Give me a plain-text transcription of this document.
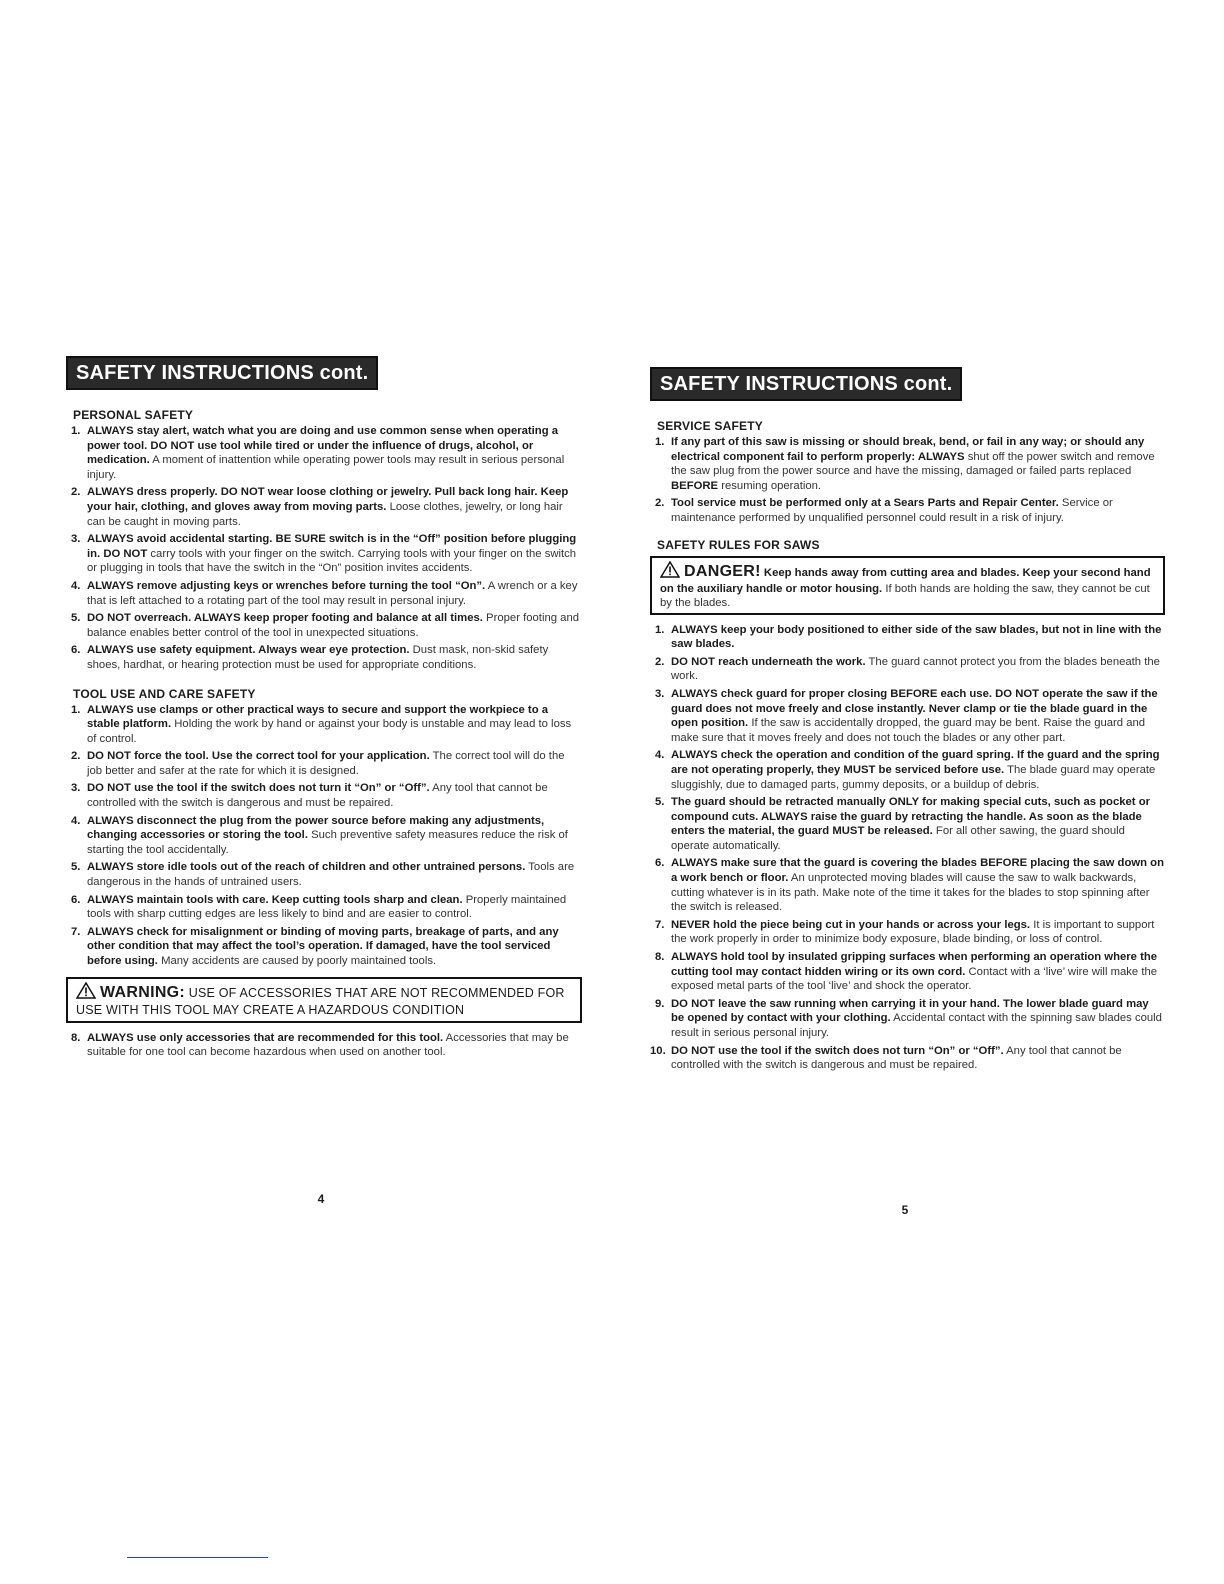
SAFETY INSTRUCTIONS cont.
PERSONAL SAFETY
1. ALWAYS stay alert, watch what you are doing and use common sense when operating a power tool. DO NOT use tool while tired or under the influence of drugs, alcohol, or medication. A moment of inattention while operating power tools may result in serious personal injury.
2. ALWAYS dress properly. DO NOT wear loose clothing or jewelry. Pull back long hair. Keep your hair, clothing, and gloves away from moving parts. Loose clothes, jewelry, or long hair can be caught in moving parts.
3. ALWAYS avoid accidental starting. BE SURE switch is in the “Off” position before plugging in. DO NOT carry tools with your finger on the switch. Carrying tools with your finger on the switch or plugging in tools that have the switch in the “On” position invites accidents.
4. ALWAYS remove adjusting keys or wrenches before turning the tool “On”. A wrench or a key that is left attached to a rotating part of the tool may result in personal injury.
5. DO NOT overreach. ALWAYS keep proper footing and balance at all times. Proper footing and balance enables better control of the tool in unexpected situations.
6. ALWAYS use safety equipment. Always wear eye protection. Dust mask, non-skid safety shoes, hardhat, or hearing protection must be used for appropriate conditions.
TOOL USE AND CARE SAFETY
1. ALWAYS use clamps or other practical ways to secure and support the workpiece to a stable platform. Holding the work by hand or against your body is unstable and may lead to loss of control.
2. DO NOT force the tool. Use the correct tool for your application. The correct tool will do the job better and safer at the rate for which it is designed.
3. DO NOT use the tool if the switch does not turn it “On” or “Off”. Any tool that cannot be controlled with the switch is dangerous and must be repaired.
4. ALWAYS disconnect the plug from the power source before making any adjustments, changing accessories or storing the tool. Such preventive safety measures reduce the risk of starting the tool accidentally.
5. ALWAYS store idle tools out of the reach of children and other untrained persons. Tools are dangerous in the hands of untrained users.
6. ALWAYS maintain tools with care. Keep cutting tools sharp and clean. Properly maintained tools with sharp cutting edges are less likely to bind and are easier to control.
7. ALWAYS check for misalignment or binding of moving parts, breakage of parts, and any other condition that may affect the tool’s operation. If damaged, have the tool serviced before using. Many accidents are caused by poorly maintained tools.
WARNING: USE OF ACCESSORIES THAT ARE NOT RECOMMENDED FOR USE WITH THIS TOOL MAY CREATE A HAZARDOUS CONDITION
8. ALWAYS use only accessories that are recommended for this tool. Accessories that may be suitable for one tool can become hazardous when used on another tool.
4
SAFETY INSTRUCTIONS cont.
SERVICE SAFETY
1. If any part of this saw is missing or should break, bend, or fail in any way; or should any electrical component fail to perform properly: ALWAYS shut off the power switch and remove the saw plug from the power source and have the missing, damaged or failed parts replaced BEFORE resuming operation.
2. Tool service must be performed only at a Sears Parts and Repair Center. Service or maintenance performed by unqualified personnel could result in a risk of injury.
SAFETY RULES FOR SAWS
DANGER! Keep hands away from cutting area and blades. Keep your second hand on the auxiliary handle or motor housing. If both hands are holding the saw, they cannot be cut by the blades.
1. ALWAYS keep your body positioned to either side of the saw blades, but not in line with the saw blades.
2. DO NOT reach underneath the work. The guard cannot protect you from the blades beneath the work.
3. ALWAYS check guard for proper closing BEFORE each use. DO NOT operate the saw if the guard does not move freely and close instantly. Never clamp or tie the blade guard in the open position. If the saw is accidentally dropped, the guard may be bent. Raise the guard and make sure that it moves freely and does not touch the blades or any other part.
4. ALWAYS check the operation and condition of the guard spring. If the guard and the spring are not operating properly, they MUST be serviced before use. The blade guard may operate sluggishly, due to damaged parts, gummy deposits, or a buildup of debris.
5. The guard should be retracted manually ONLY for making special cuts, such as pocket or compound cuts. ALWAYS raise the guard by retracting the handle. As soon as the blade enters the material, the guard MUST be released. For all other sawing, the guard should operate automatically.
6. ALWAYS make sure that the guard is covering the blades BEFORE placing the saw down on a work bench or floor. An unprotected moving blades will cause the saw to walk backwards, cutting whatever is in its path. Make note of the time it takes for the blades to stop spinning after the switch is released.
7. NEVER hold the piece being cut in your hands or across your legs. It is important to support the work properly in order to minimize body exposure, blade binding, or loss of control.
8. ALWAYS hold tool by insulated gripping surfaces when performing an operation where the cutting tool may contact hidden wiring or its own cord. Contact with a ‘live’ wire will make the exposed metal parts of the tool ‘live’ and shock the operator.
9. DO NOT leave the saw running when carrying it in your hand. The lower blade guard may be opened by contact with your clothing. Accidental contact with the spinning saw blades could result in serious personal injury.
10. DO NOT use the tool if the switch does not turn “On” or “Off”. Any tool that cannot be controlled with the switch is dangerous and must be repaired.
5
